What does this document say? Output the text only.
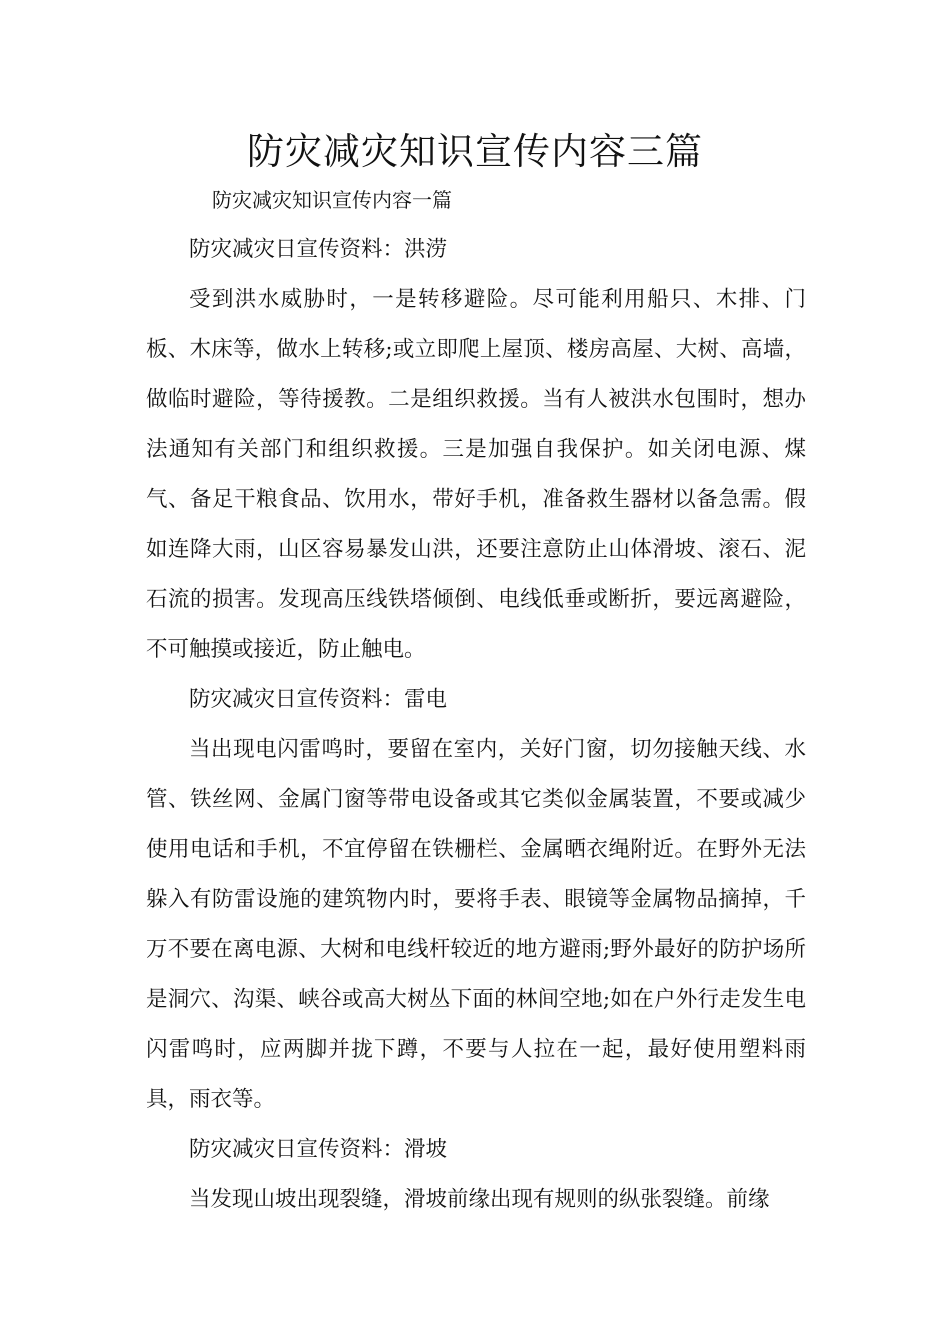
防灾减灾知识宣传内容三篇

防灾减灾知识宣传内容一篇

防灾减灾日宣传资料：洪涝

受到洪水威胁时，一是转移避险。尽可能利用船只、木排、门板、木床等，做水上转移;或立即爬上屋顶、楼房高屋、大树、高墙，做临时避险，等待援教。二是组织救援。当有人被洪水包围时，想办法通知有关部门和组织救援。三是加强自我保护。如关闭电源、煤气、备足干粮食品、饮用水，带好手机，准备救生器材以备急需。假如连降大雨，山区容易暴发山洪，还要注意防止山体滑坡、滚石、泥石流的损害。发现高压线铁塔倾倒、电线低垂或断折，要远离避险，不可触摸或接近，防止触电。

防灾减灾日宣传资料：雷电

当出现电闪雷鸣时，要留在室内，关好门窗，切勿接触天线、水管、铁丝网、金属门窗等带电设备或其它类似金属装置，不要或减少使用电话和手机，不宜停留在铁栅栏、金属晒衣绳附近。在野外无法躲入有防雷设施的建筑物内时，要将手表、眼镜等金属物品摘掉，千万不要在离电源、大树和电线杆较近的地方避雨;野外最好的防护场所是洞穴、沟渠、峡谷或高大树丛下面的林间空地;如在户外行走发生电闪雷鸣时，应两脚并拢下蹲，不要与人拉在一起，最好使用塑料雨具，雨衣等。

防灾减灾日宣传资料：滑坡

当发现山坡出现裂缝，滑坡前缘出现有规则的纵张裂缝。前缘
